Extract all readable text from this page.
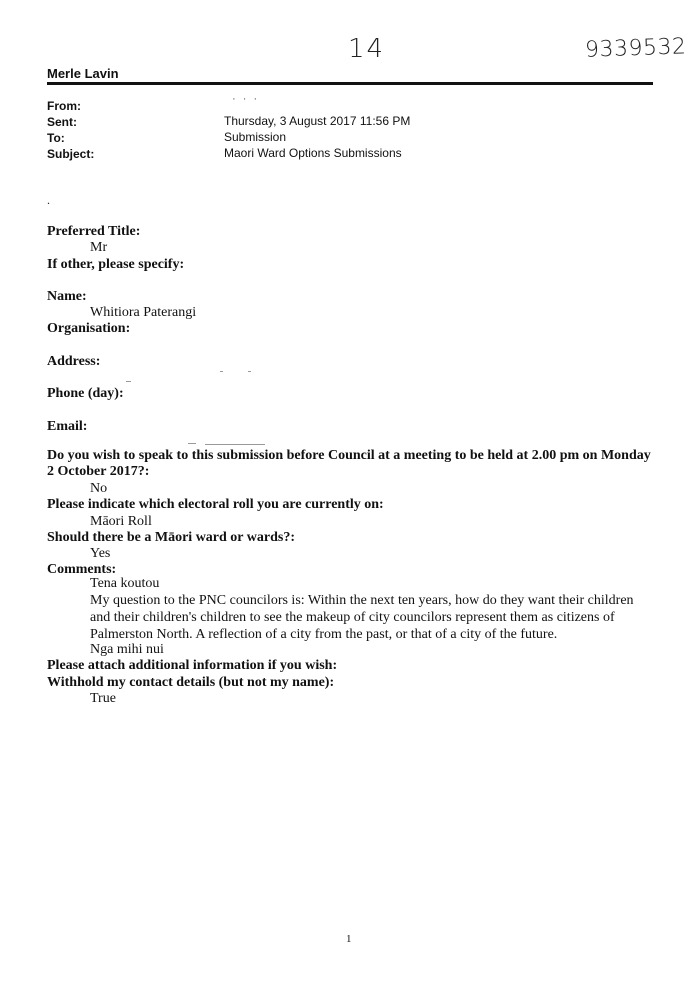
14	9339532
Merle Lavin
From:	· · ·
Sent:	Thursday, 3 August 2017 11:56 PM
To:	Submission
Subject:	Maori Ward Options Submissions
.
Preferred Title:
Mr
If other, please specify:
Name:
Whitiora Paterangi
Organisation:
Address:
Phone (day):
Email:
Do you wish to speak to this submission before Council at a meeting to be held at 2.00 pm on Monday
2 October 2017?:
No
Please indicate which electoral roll you are currently on:
Māori Roll
Should there be a Māori ward or wards?:
Yes
Comments:
Tena koutou

My question to the PNC councilors is: Within the next ten years, how do they want their children and their children's children to see the makeup of city councilors represent them as citizens of Palmerston North. A reflection of a city from the past, or that of a city of the future.

Nga mihi nui
Please attach additional information if you wish:
Withhold my contact details (but not my name):
True
1
